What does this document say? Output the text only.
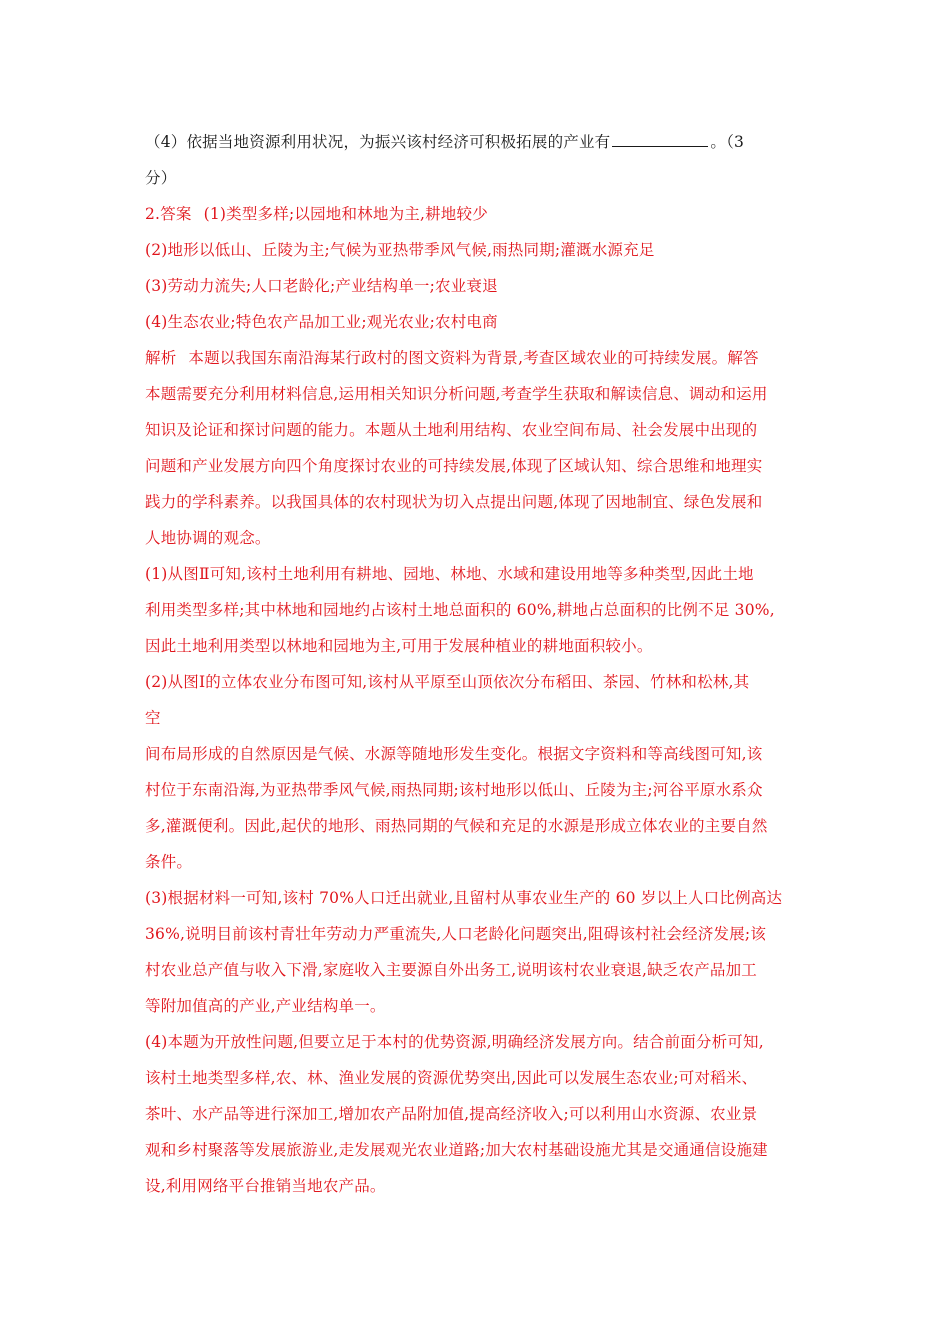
（4）依据当地资源利用状况，为振兴该村经济可积极拓展的产业有	。（3

分）

2.答案 (1)类型多样;以园地和林地为主,耕地较少

(2)地形以低山、丘陵为主;气候为亚热带季风气候,雨热同期;灌溉水源充足

(3)劳动力流失;人口老龄化;产业结构单一;农业衰退

(4)生态农业;特色农产品加工业;观光农业;农村电商

解析 本题以我国东南沿海某行政村的图文资料为背景,考查区域农业的可持续发展。解答

本题需要充分利用材料信息,运用相关知识分析问题,考查学生获取和解读信息、调动和运用

知识及论证和探讨问题的能力。本题从土地利用结构、农业空间布局、社会发展中出现的

问题和产业发展方向四个角度探讨农业的可持续发展,体现了区域认知、综合思维和地理实

践力的学科素养。以我国具体的农村现状为切入点提出问题,体现了因地制宜、绿色发展和

人地协调的观念。

(1)从图Ⅱ可知,该村土地利用有耕地、园地、林地、水域和建设用地等多种类型,因此土地

利用类型多样;其中林地和园地约占该村土地总面积的 60%,耕地占总面积的比例不足 30%,

因此土地利用类型以林地和园地为主,可用于发展种植业的耕地面积较小。

(2)从图Ⅰ的立体农业分布图可知,该村从平原至山顶依次分布稻田、茶园、竹林和松林,其

空

间布局形成的自然原因是气候、水源等随地形发生变化。根据文字资料和等高线图可知,该

村位于东南沿海,为亚热带季风气候,雨热同期;该村地形以低山、丘陵为主;河谷平原水系众

多,灌溉便利。因此,起伏的地形、雨热同期的气候和充足的水源是形成立体农业的主要自然

条件。

(3)根据材料一可知,该村 70%人口迁出就业,且留村从事农业生产的 60 岁以上人口比例高达

36%,说明目前该村青壮年劳动力严重流失,人口老龄化问题突出,阻碍该村社会经济发展;该

村农业总产值与收入下滑,家庭收入主要源自外出务工,说明该村农业衰退,缺乏农产品加工

等附加值高的产业,产业结构单一。

(4)本题为开放性问题,但要立足于本村的优势资源,明确经济发展方向。结合前面分析可知,

该村土地类型多样,农、林、渔业发展的资源优势突出,因此可以发展生态农业;可对稻米、

茶叶、水产品等进行深加工,增加农产品附加值,提高经济收入;可以利用山水资源、农业景

观和乡村聚落等发展旅游业,走发展观光农业道路;加大农村基础设施尤其是交通通信设施建

设,利用网络平台推销当地农产品。
